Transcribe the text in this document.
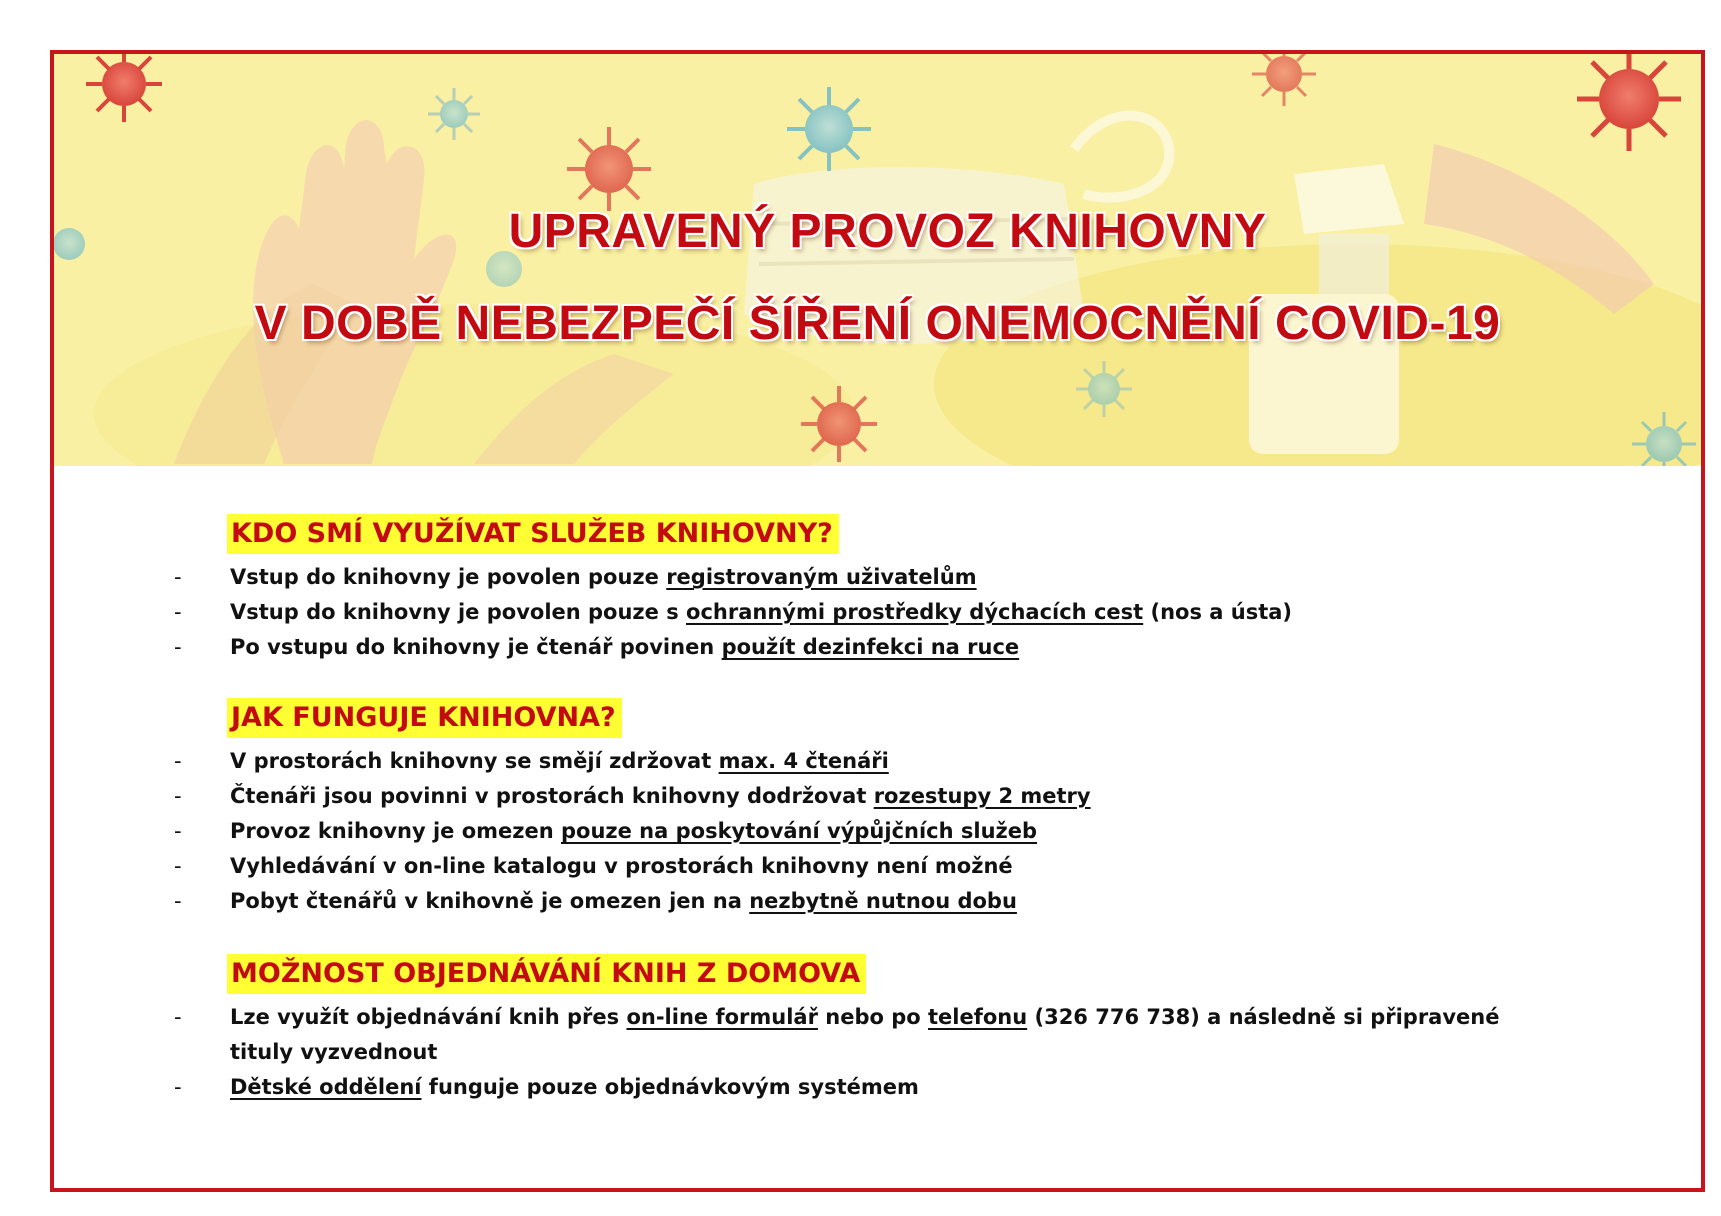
UPRAVENÝ PROVOZ KNIHOVNY
V DOBĚ NEBEZPEČÍ ŠÍŘENÍ ONEMOCNĚNÍ COVID-19
KDO SMÍ VYUŽÍVAT SLUŽEB KNIHOVNY?
- Vstup do knihovny je povolen pouze registrovaným uživatelům
- Vstup do knihovny je povolen pouze s ochrannými prostředky dýchacích cest (nos a ústa)
- Po vstupu do knihovny je čtenář povinen použít dezinfekci na ruce
JAK FUNGUJE KNIHOVNA?
- V prostorách knihovny se smějí zdržovat max. 4 čtenáři
- Čtenáři jsou povinni v prostorách knihovny dodržovat rozestupy 2 metry
- Provoz knihovny je omezen pouze na poskytování výpůjčních služeb
- Vyhledávání v on-line katalogu v prostorách knihovny není možné
- Pobyt čtenářů v knihovně je omezen jen na nezbytně nutnou dobu
MOŽNOST OBJEDNÁVÁNÍ KNIH Z DOMOVA
- Lze využít objednávání knih přes on-line formulář nebo po telefonu (326 776 738) a následně si připravené
tituly vyzvednout
- Dětské oddělení funguje pouze objednávkovým systémem
